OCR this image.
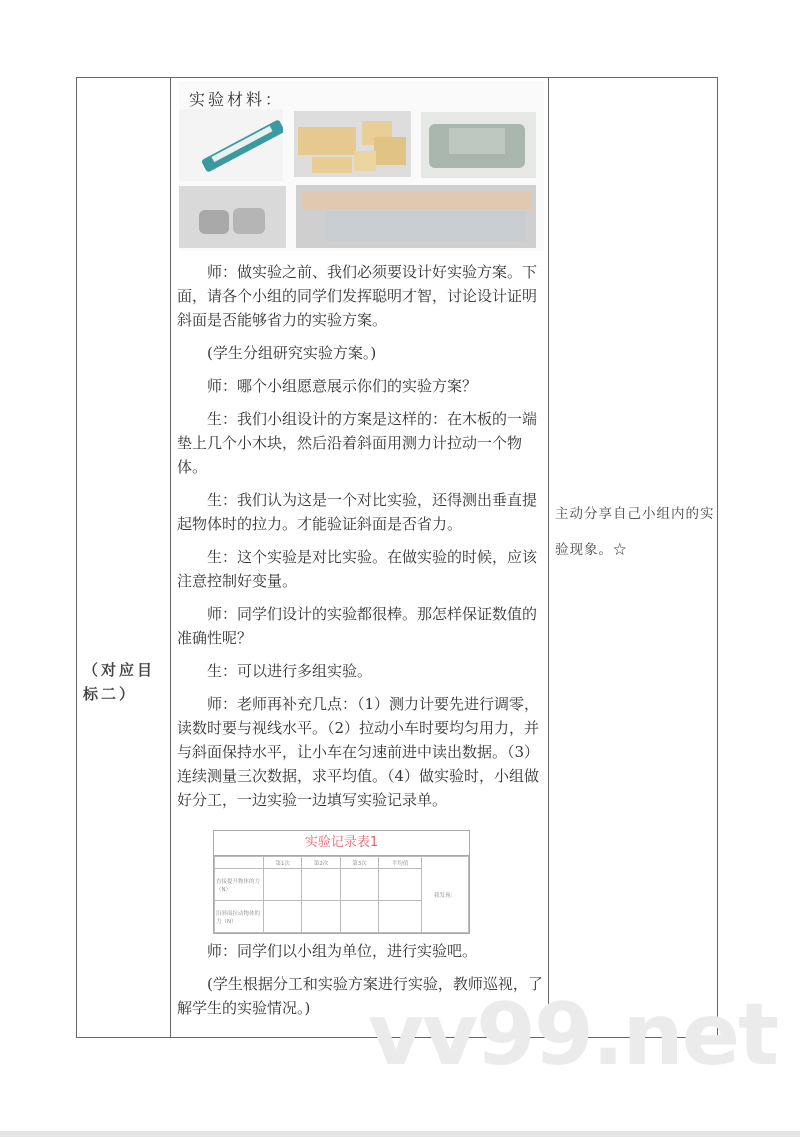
（对应目标二）
主动分享自己小组内的实验现象。☆
实验材料：

师：做实验之前、我们必须要设计好实验方案。下面，请各个小组的同学们发挥聪明才智，讨论设计证明斜面是否能够省力的实验方案。

(学生分组研究实验方案。)

师：哪个小组愿意展示你们的实验方案？

生：我们小组设计的方案是这样的：在木板的一端垫上几个小木块，然后沿着斜面用测力计拉动一个物体。

生：我们认为这是一个对比实验，还得测出垂直提起物体时的拉力。才能验证斜面是否省力。

生：这个实验是对比实验。在做实验的时候，应该注意控制好变量。

师：同学们设计的实验都很棒。那怎样保证数值的准确性呢？

生：可以进行多组实验。

师：老师再补充几点：（1）测力计要先进行调零，读数时要与视线水平。（2）拉动小车时要均匀用力，并与斜面保持水平，让小车在匀速前进中读出数据。（3）连续测量三次数据，求平均值。（4）做实验时，小组做好分工，一边实验一边填写实验记录单。

师：同学们以小组为单位，进行实验吧。

(学生根据分工和实验方案进行实验，教师巡视，了解学生的实验情况。)

实验记录表1
	第1次	第2次	第3次	平均值	我发现：
直接提升物体的力（N）					
沿斜面拉动物体的力（N）					
vv99.net
